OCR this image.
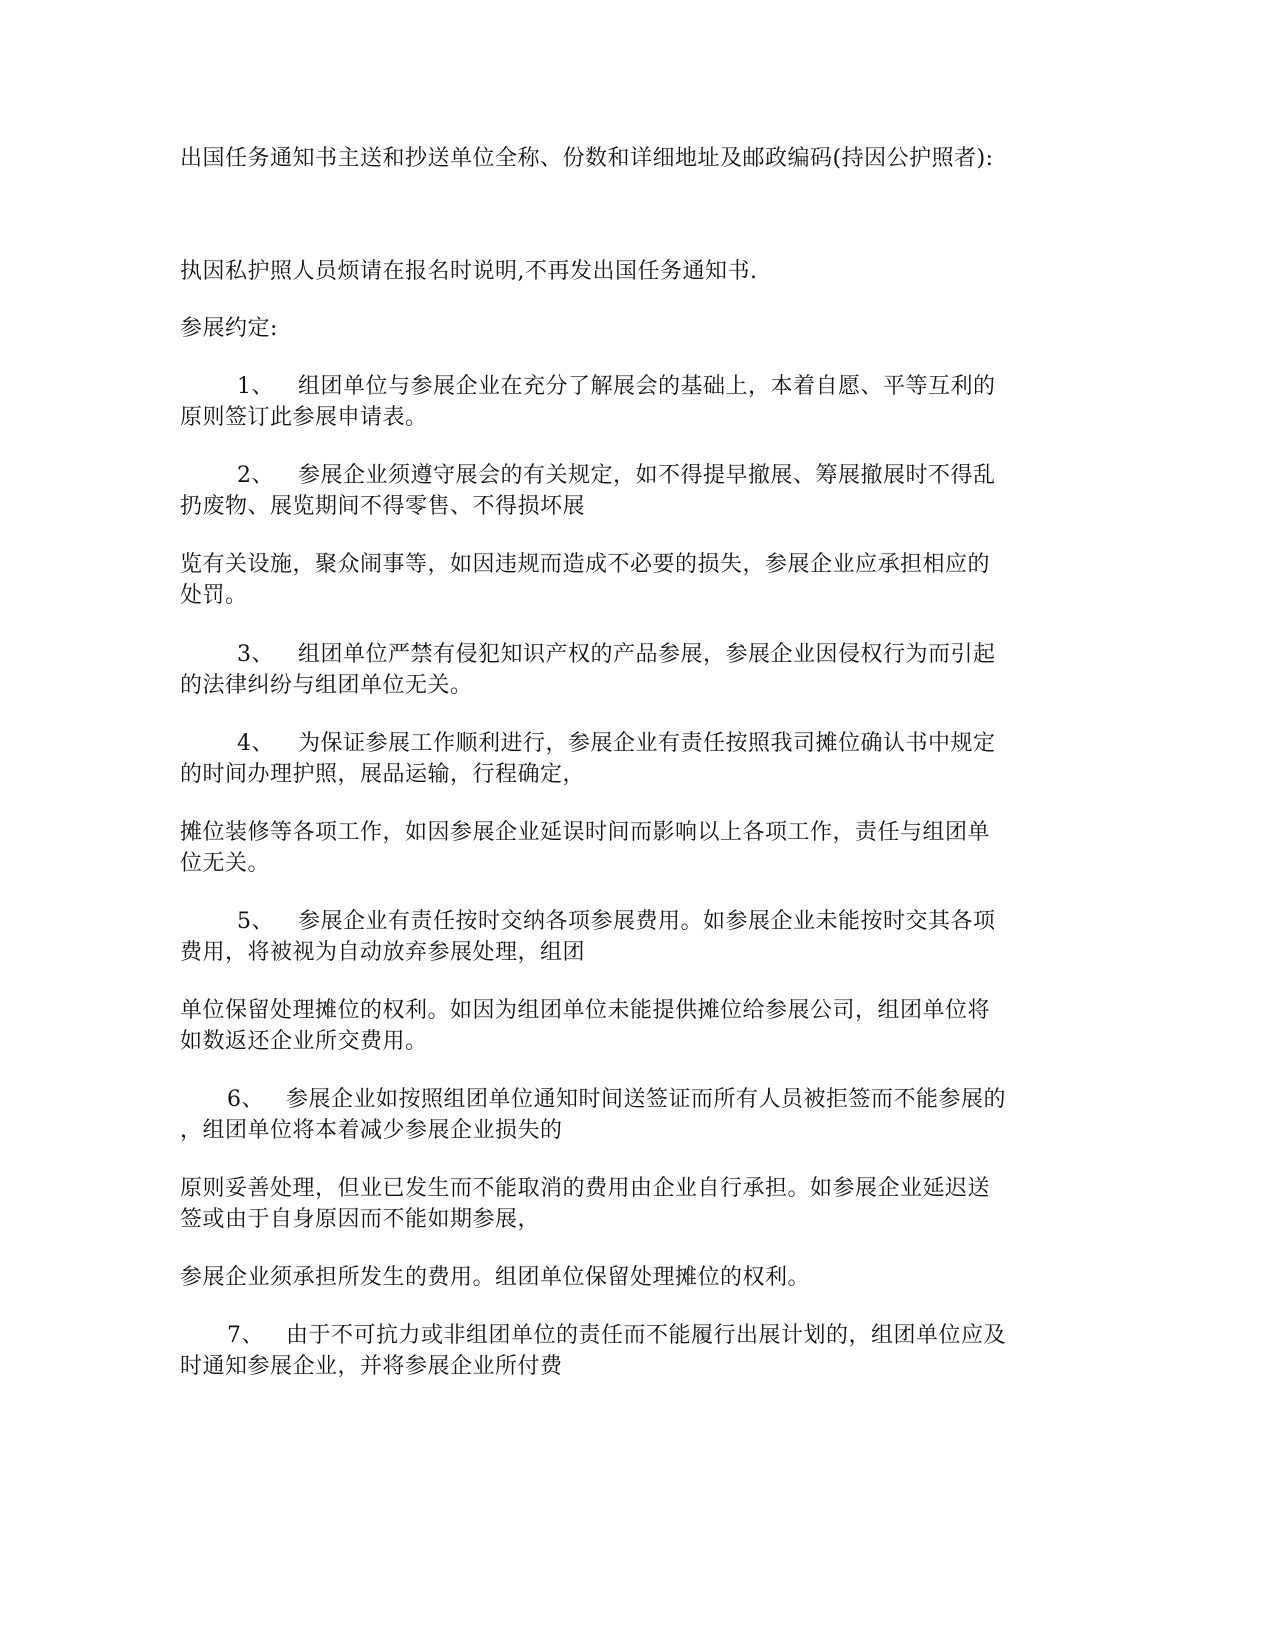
出国任务通知书主送和抄送单位全称、份数和详细地址及邮政编码(持因公护照者):
执因私护照人员烦请在报名时说明,不再发出国任务通知书.
参展约定:
1、 组团单位与参展企业在充分了解展会的基础上，本着自愿、平等互利的
原则签订此参展申请表。
2、 参展企业须遵守展会的有关规定，如不得提早撤展、筹展撤展时不得乱
扔废物、展览期间不得零售、不得损坏展
览有关设施，聚众闹事等，如因违规而造成不必要的损失，参展企业应承担相应的
处罚。
3、 组团单位严禁有侵犯知识产权的产品参展，参展企业因侵权行为而引起
的法律纠纷与组团单位无关。
4、 为保证参展工作顺利进行，参展企业有责任按照我司摊位确认书中规定
的时间办理护照，展品运输，行程确定，
摊位装修等各项工作，如因参展企业延误时间而影响以上各项工作，责任与组团单
位无关。
5、 参展企业有责任按时交纳各项参展费用。如参展企业未能按时交其各项
费用，将被视为自动放弃参展处理，组团
单位保留处理摊位的权利。如因为组团单位未能提供摊位给参展公司，组团单位将
如数返还企业所交费用。
6、 参展企业如按照组团单位通知时间送签证而所有人员被拒签而不能参展的
，组团单位将本着减少参展企业损失的
原则妥善处理，但业已发生而不能取消的费用由企业自行承担。如参展企业延迟送
签或由于自身原因而不能如期参展，
参展企业须承担所发生的费用。组团单位保留处理摊位的权利。
7、 由于不可抗力或非组团单位的责任而不能履行出展计划的，组团单位应及
时通知参展企业，并将参展企业所付费
